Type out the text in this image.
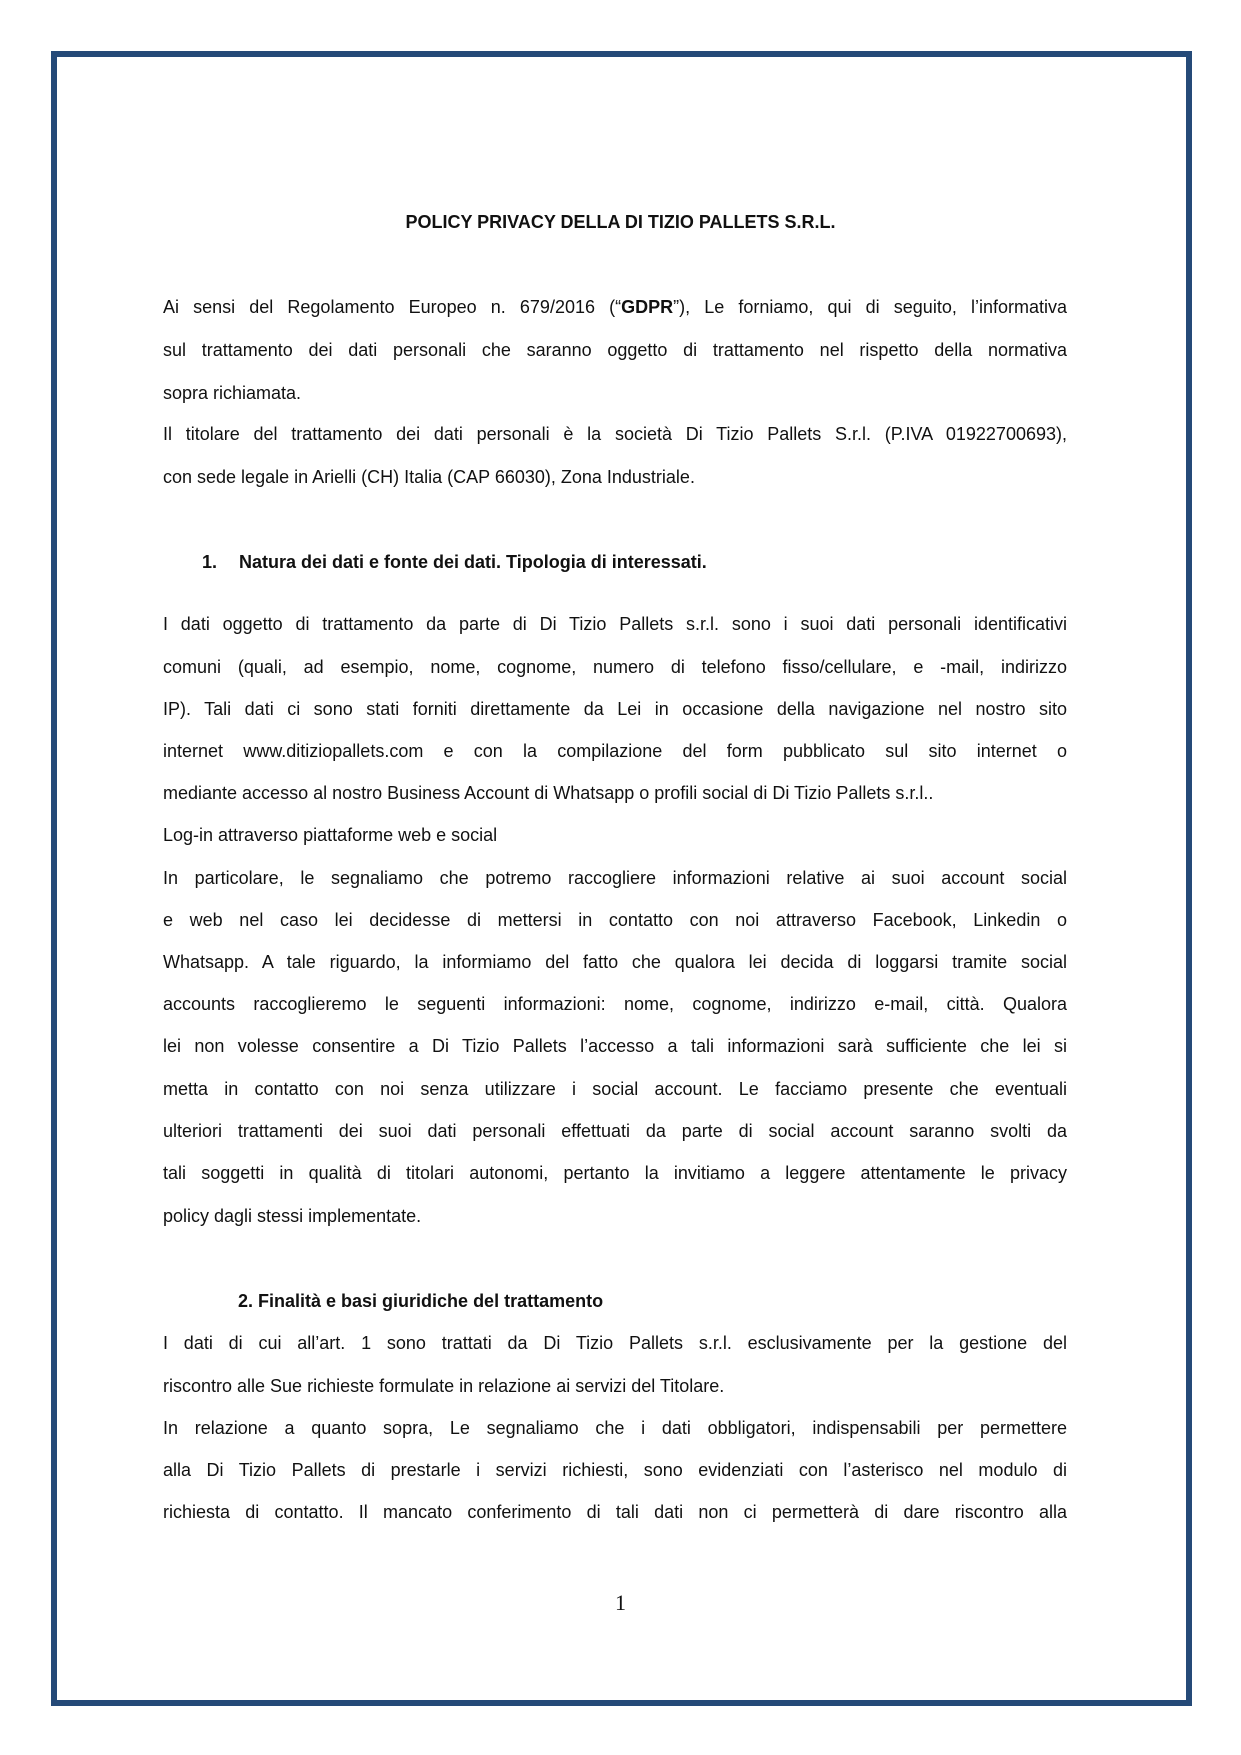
POLICY PRIVACY DELLA DI TIZIO PALLETS S.R.L.
Ai sensi del Regolamento Europeo n. 679/2016 (“GDPR”), Le forniamo, qui di seguito, l’informativa
sul trattamento dei dati personali che saranno oggetto di trattamento nel rispetto della normativa
sopra richiamata.
Il titolare del trattamento dei dati personali è la società Di Tizio Pallets S.r.l. (P.IVA 01922700693),
con sede legale in Arielli (CH) Italia (CAP 66030), Zona Industriale.
1. Natura dei dati e fonte dei dati. Tipologia di interessati.
I dati oggetto di trattamento da parte di Di Tizio Pallets s.r.l. sono i suoi dati personali identificativi
comuni (quali, ad esempio, nome, cognome, numero di telefono fisso/cellulare, e -mail, indirizzo
IP). Tali dati ci sono stati forniti direttamente da Lei in occasione della navigazione nel nostro sito
internet www.ditiziopallets.com e con la compilazione del form pubblicato sul sito internet o
mediante accesso al nostro Business Account di Whatsapp o profili social di Di Tizio Pallets s.r.l..
Log-in attraverso piattaforme web e social
In particolare, le segnaliamo che potremo raccogliere informazioni relative ai suoi account social
e web nel caso lei decidesse di mettersi in contatto con noi attraverso Facebook, Linkedin o
Whatsapp. A tale riguardo, la informiamo del fatto che qualora lei decida di loggarsi tramite social
accounts raccoglieremo le seguenti informazioni: nome, cognome, indirizzo e-mail, città. Qualora
lei non volesse consentire a Di Tizio Pallets l’accesso a tali informazioni sarà sufficiente che lei si
metta in contatto con noi senza utilizzare i social account. Le facciamo presente che eventuali
ulteriori trattamenti dei suoi dati personali effettuati da parte di social account saranno svolti da
tali soggetti in qualità di titolari autonomi, pertanto la invitiamo a leggere attentamente le privacy
policy dagli stessi implementate.
2. Finalità e basi giuridiche del trattamento
I dati di cui all’art. 1 sono trattati da Di Tizio Pallets s.r.l. esclusivamente per la gestione del
riscontro alle Sue richieste formulate in relazione ai servizi del Titolare.
In relazione a quanto sopra, Le segnaliamo che i dati obbligatori, indispensabili per permettere
alla Di Tizio Pallets di prestarle i servizi richiesti, sono evidenziati con l’asterisco nel modulo di
richiesta di contatto. Il mancato conferimento di tali dati non ci permetterà di dare riscontro alla
1
